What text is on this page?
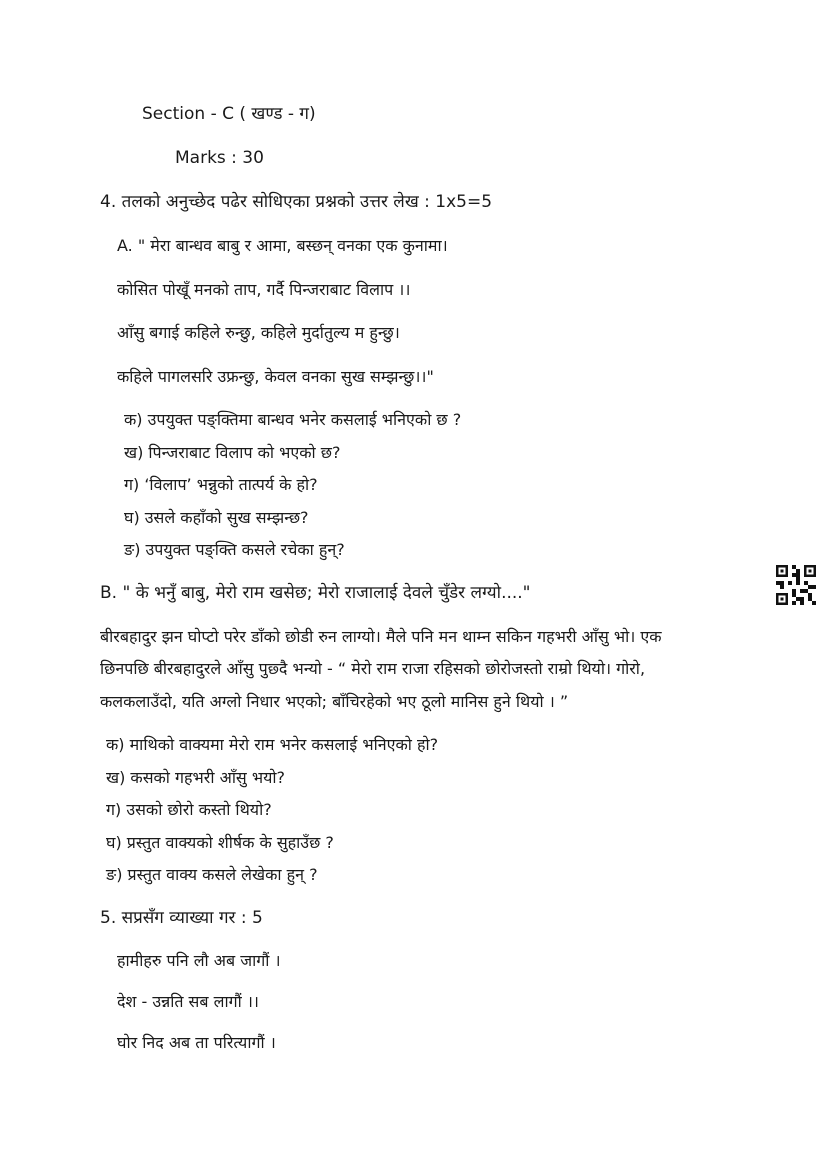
Section - C ( खण्ड - ग)
Marks : 30
4. तलको अनुच्छेद पढेर सोधिएका प्रश्नको उत्तर लेख : 1x5=5
A. " मेरा बान्धव बाबु र आमा, बस्छन् वनका एक कुनामा।
कोसित पोखूँ मनको ताप, गर्दै पिन्जराबाट विलाप ।।
आँसु बगाई कहिले रुन्छु, कहिले मुर्दातुल्य म हुन्छु।
कहिले पागलसरि उफ्रन्छु, केवल वनका सुख सम्झन्छु।।"
क) उपयुक्त पङ्क्तिमा बान्धव भनेर कसलाई भनिएको छ ?
ख) पिन्जराबाट विलाप को भएको छ?
ग) ‘विलाप’ भन्नुको तात्पर्य के हो?
घ) उसले कहाँको सुख सम्झन्छ?
ङ) उपयुक्त पङ्क्ति कसले रचेका हुन्?
B. " के भनुँ बाबु, मेरो राम खसेछ; मेरो राजालाई देवले चुँडेर लग्यो...."
बीरबहादुर झन घोप्टो परेर डाँको छोडी रुन लाग्यो। मैले पनि मन थाम्न सकिन गहभरी आँसु भो। एक
छिनपछि बीरबहादुरले आँसु पुछ्दै भन्यो - “ मेरो राम राजा रहिसको छोरोजस्तो राम्रो थियो। गोरो,
कलकलाउँदो, यति अग्लो निधार भएको; बाँचिरहेको भए ठूलो मानिस हुने थियो । ”
क) माथिको वाक्यमा मेरो राम भनेर कसलाई भनिएको हो?
ख) कसको गहभरी आँसु भयो?
ग) उसको छोरो कस्तो थियो?
घ) प्रस्तुत वाक्यको शीर्षक के सुहाउँछ ?
ङ) प्रस्तुत वाक्य कसले लेखेका हुन् ?
5. सप्रसँग व्याख्या गर : 5
हामीहरु पनि लौ अब जागौं ।
देश - उन्नति सब लागौं ।।
घोर निद अब ता परित्यागौं ।
